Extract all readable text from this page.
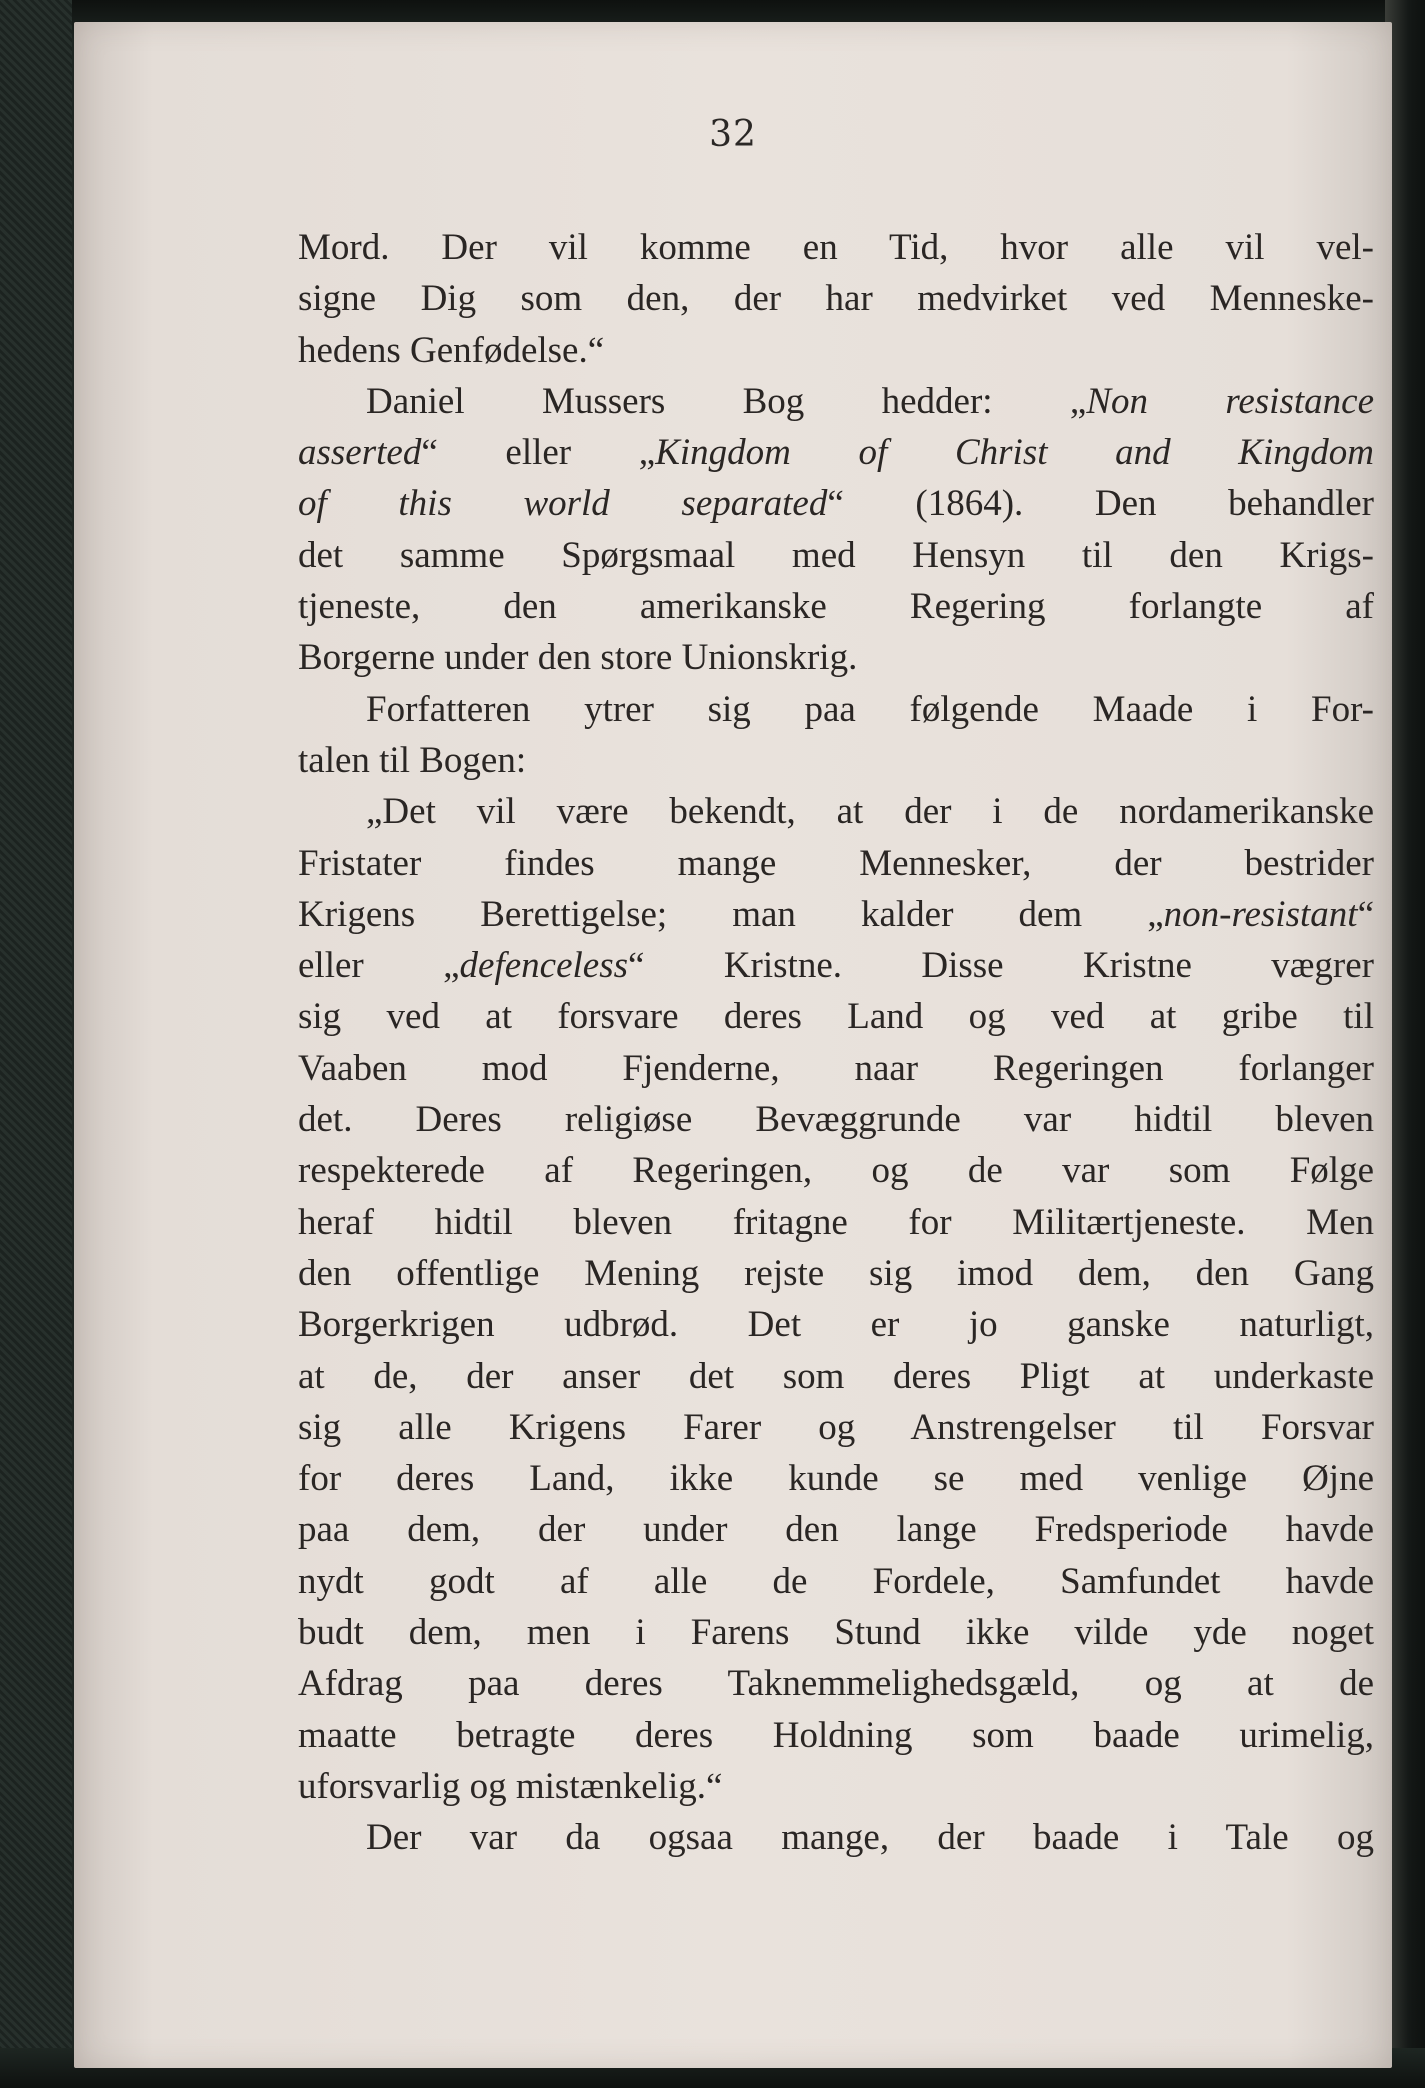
32
Mord. Der vil komme en Tid, hvor alle vil vel-
signe Dig som den, der har medvirket ved Menneske-
hedens Genfødelse.“
Daniel Mussers Bog hedder: „Non resistance
asserted“ eller „Kingdom of Christ and Kingdom
of this world separated“ (1864). Den behandler
det samme Spørgsmaal med Hensyn til den Krigs-
tjeneste, den amerikanske Regering forlangte af
Borgerne under den store Unionskrig.
Forfatteren ytrer sig paa følgende Maade i For-
talen til Bogen:
„Det vil være bekendt, at der i de nordamerikanske
Fristater findes mange Mennesker, der bestrider
Krigens Berettigelse; man kalder dem „non-resistant“
eller „defenceless“ Kristne. Disse Kristne vægrer
sig ved at forsvare deres Land og ved at gribe til
Vaaben mod Fjenderne, naar Regeringen forlanger
det. Deres religiøse Bevæggrunde var hidtil bleven
respekterede af Regeringen, og de var som Følge
heraf hidtil bleven fritagne for Militærtjeneste. Men
den offentlige Mening rejste sig imod dem, den Gang
Borgerkrigen udbrød. Det er jo ganske naturligt,
at de, der anser det som deres Pligt at underkaste
sig alle Krigens Farer og Anstrengelser til Forsvar
for deres Land, ikke kunde se med venlige Øjne
paa dem, der under den lange Fredsperiode havde
nydt godt af alle de Fordele, Samfundet havde
budt dem, men i Farens Stund ikke vilde yde noget
Afdrag paa deres Taknemmelighedsgæld, og at de
maatte betragte deres Holdning som baade urimelig,
uforsvarlig og mistænkelig.“
Der var da ogsaa mange, der baade i Tale og
